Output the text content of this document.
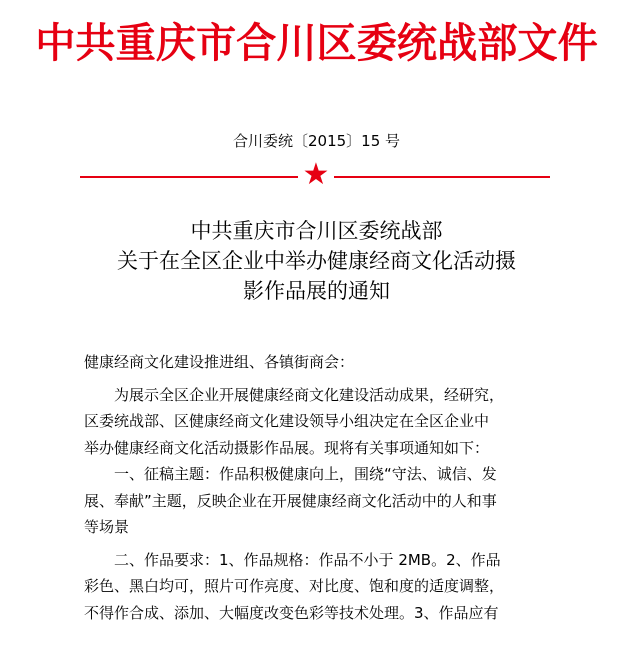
中共重庆市合川区委统战部文件
合川委统〔2015〕15 号
★
中共重庆市合川区委统战部
关于在全区企业中举办健康经商文化活动摄
影作品展的通知

健康经商文化建设推进组、各镇街商会：

为展示全区企业开展健康经商文化建设活动成果，经研究，

区委统战部、区健康经商文化建设领导小组决定在全区企业中

举办健康经商文化活动摄影作品展。现将有关事项通知如下：

一、征稿主题：作品积极健康向上，围绕“守法、诚信、发

展、奉献”主题，反映企业在开展健康经商文化活动中的人和事

等场景

二、作品要求：1、作品规格：作品不小于 2MB。2、作品

彩色、黑白均可，照片可作亮度、对比度、饱和度的适度调整，

不得作合成、添加、大幅度改变色彩等技术处理。3、作品应有
